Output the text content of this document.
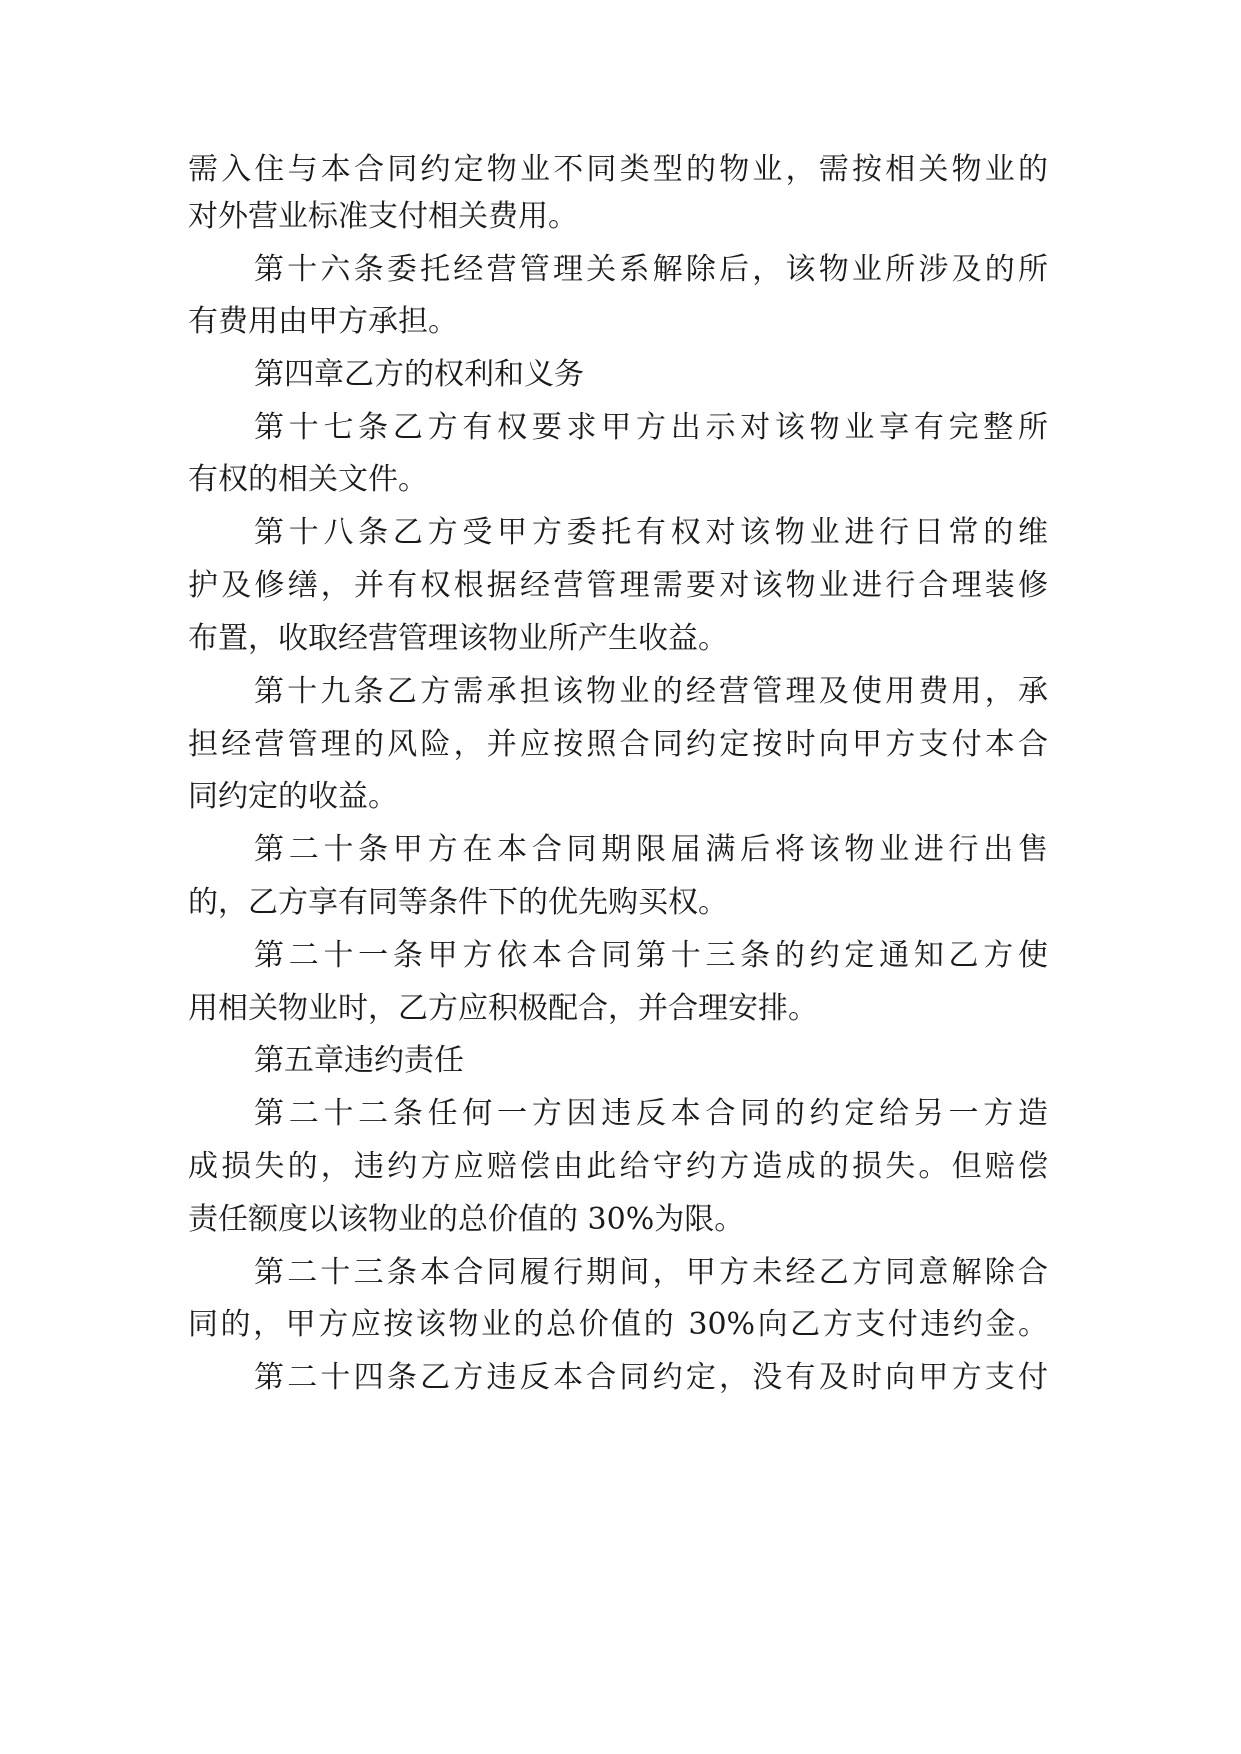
需入住与本合同约定物业不同类型的物业，需按相关物业的
对外营业标准支付相关费用。
第十六条委托经营管理关系解除后，该物业所涉及的所
有费用由甲方承担。
第四章乙方的权利和义务
第十七条乙方有权要求甲方出示对该物业享有完整所
有权的相关文件。
第十八条乙方受甲方委托有权对该物业进行日常的维
护及修缮，并有权根据经营管理需要对该物业进行合理装修
布置，收取经营管理该物业所产生收益。
第十九条乙方需承担该物业的经营管理及使用费用，承
担经营管理的风险，并应按照合同约定按时向甲方支付本合
同约定的收益。
第二十条甲方在本合同期限届满后将该物业进行出售
的，乙方享有同等条件下的优先购买权。
第二十一条甲方依本合同第十三条的约定通知乙方使
用相关物业时，乙方应积极配合，并合理安排。
第五章违约责任
第二十二条任何一方因违反本合同的约定给另一方造
成损失的，违约方应赔偿由此给守约方造成的损失。但赔偿
责任额度以该物业的总价值的 30%为限。
第二十三条本合同履行期间，甲方未经乙方同意解除合
同的，甲方应按该物业的总价值的 30%向乙方支付违约金。
第二十四条乙方违反本合同约定，没有及时向甲方支付
